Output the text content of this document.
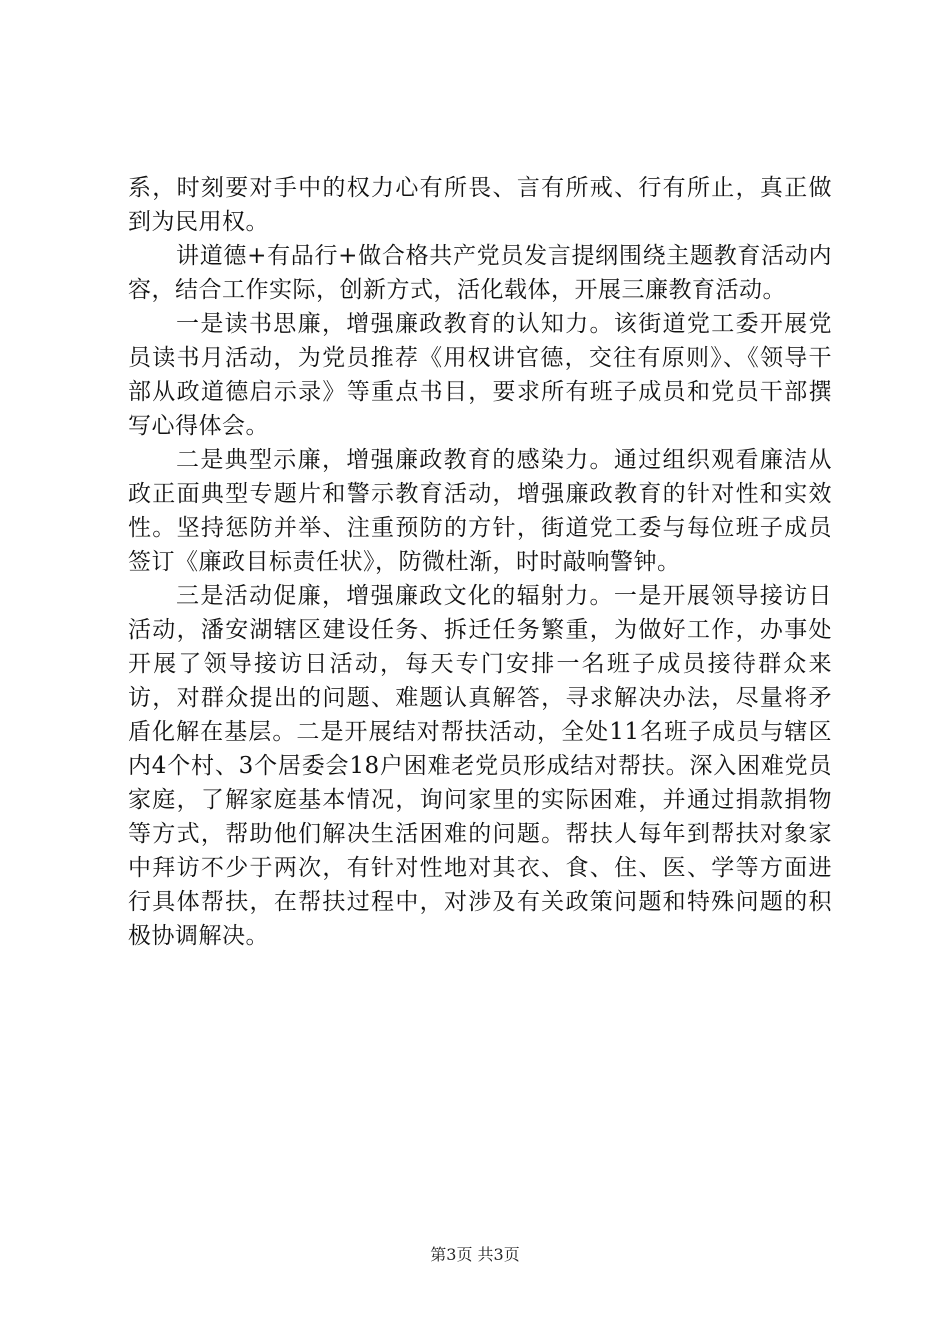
系，时刻要对手中的权力心有所畏、言有所戒、行有所止，真正做到为民用权。

讲道德+有品行+做合格共产党员发言提纲围绕主题教育活动内容，结合工作实际，创新方式，活化载体，开展三廉教育活动。

一是读书思廉，增强廉政教育的认知力。该街道党工委开展党员读书月活动，为党员推荐《用权讲官德，交往有原则》、《领导干部从政道德启示录》等重点书目，要求所有班子成员和党员干部撰写心得体会。

二是典型示廉，增强廉政教育的感染力。通过组织观看廉洁从政正面典型专题片和警示教育活动，增强廉政教育的针对性和实效性。坚持惩防并举、注重预防的方针，街道党工委与每位班子成员签订《廉政目标责任状》，防微杜渐，时时敲响警钟。

三是活动促廉，增强廉政文化的辐射力。一是开展领导接访日活动，潘安湖辖区建设任务、拆迁任务繁重，为做好工作，办事处开展了领导接访日活动，每天专门安排一名班子成员接待群众来访，对群众提出的问题、难题认真解答，寻求解决办法，尽量将矛盾化解在基层。二是开展结对帮扶活动，全处11名班子成员与辖区内4个村、3个居委会18户困难老党员形成结对帮扶。深入困难党员家庭，了解家庭基本情况，询问家里的实际困难，并通过捐款捐物等方式，帮助他们解决生活困难的问题。帮扶人每年到帮扶对象家中拜访不少于两次，有针对性地对其衣、食、住、医、学等方面进行具体帮扶，在帮扶过程中，对涉及有关政策问题和特殊问题的积极协调解决。

第3页 共3页
